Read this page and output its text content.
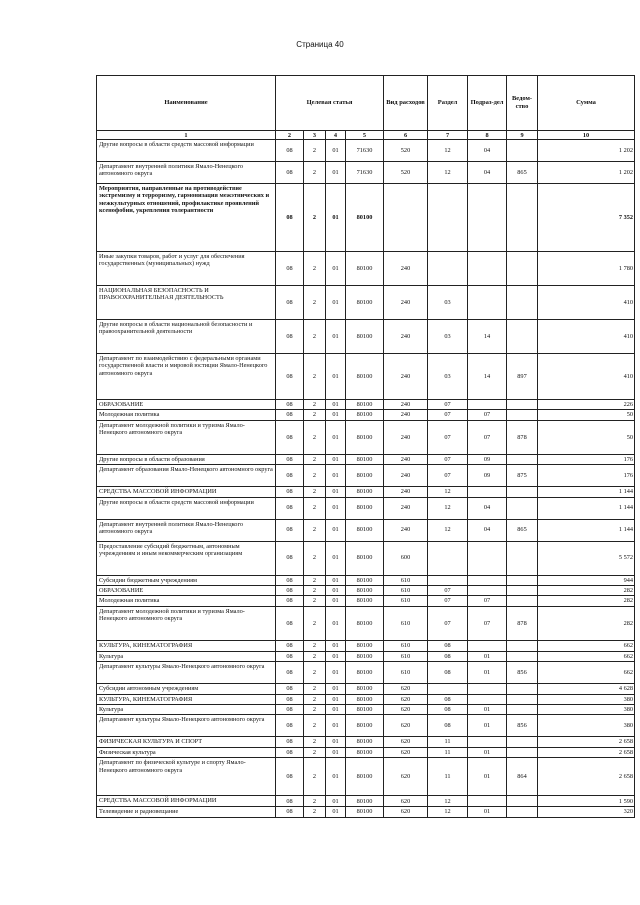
Страница 40
Наименование	Целевая статья				Вид расходов	Раздел	Подраз-дел	Ведом-ство	Сумма
1	2	3	4	5	6	7	8	9	10
Другие вопросы в области средств массовой информации	08	2	01	71630	520	12	04		1 202
Департамент внутренней политики Ямало-Ненецкого автономного округа	08	2	01	71630	520	12	04	865	1 202
Мероприятия, направленные на противодействие экстремизму и терроризму, гармонизация межэтнических и межкультурных отношений, профилактике проявлений ксенофобии, укрепления толерантности	08	2	01	80100					7 352
Иные закупки товаров, работ и услуг для обеспечения государственных (муниципальных) нужд	08	2	01	80100	240				1 780
НАЦИОНАЛЬНАЯ БЕЗОПАСНОСТЬ И ПРАВООХРАНИТЕЛЬНАЯ ДЕЯТЕЛЬНОСТЬ	08	2	01	80100	240	03			410
Другие вопросы в области национальной безопасности и правоохранительной деятельности	08	2	01	80100	240	03	14		410
Департамент по взаимодействию с федеральными органами государственной власти и мировой юстиции Ямало-Ненецкого автономного округа	08	2	01	80100	240	03	14	897	410
ОБРАЗОВАНИЕ	08	2	01	80100	240	07			226
Молодежная политика	08	2	01	80100	240	07	07		50
Департамент молодежной политики и туризма Ямало-Ненецкого автономного округа	08	2	01	80100	240	07	07	878	50
Другие вопросы в области образования	08	2	01	80100	240	07	09		176
Департамент образования Ямало-Ненецкого автономного округа	08	2	01	80100	240	07	09	875	176
СРЕДСТВА МАССОВОЙ ИНФОРМАЦИИ	08	2	01	80100	240	12			1 144
Другие вопросы в области средств массовой информации	08	2	01	80100	240	12	04		1 144
Департамент внутренней политики Ямало-Ненецкого автономного округа	08	2	01	80100	240	12	04	865	1 144
Предоставление субсидий бюджетным, автономным учреждениям и иным некоммерческим организациям	08	2	01	80100	600				5 572
Субсидии бюджетным учреждениям	08	2	01	80100	610				944
ОБРАЗОВАНИЕ	08	2	01	80100	610	07			282
Молодежная политика	08	2	01	80100	610	07	07		282
Департамент молодежной политики и туризма Ямало-Ненецкого автономного округа	08	2	01	80100	610	07	07	878	282
КУЛЬТУРА, КИНЕМАТОГРАФИЯ	08	2	01	80100	610	08			662
Культура	08	2	01	80100	610	08	01		662
Департамент культуры Ямало-Ненецкого автономного округа	08	2	01	80100	610	08	01	856	662
Субсидии автономным учреждениям	08	2	01	80100	620				4 628
КУЛЬТУРА, КИНЕМАТОГРАФИЯ	08	2	01	80100	620	08			380
Культура	08	2	01	80100	620	08	01		380
Департамент культуры Ямало-Ненецкого автономного округа	08	2	01	80100	620	08	01	856	380
ФИЗИЧЕСКАЯ КУЛЬТУРА И СПОРТ	08	2	01	80100	620	11			2 658
Физическая культура	08	2	01	80100	620	11	01		2 658
Департамент по физической культуре и спорту Ямало-Ненецкого автономного округа	08	2	01	80100	620	11	01	864	2 658
СРЕДСТВА МАССОВОЙ ИНФОРМАЦИИ	08	2	01	80100	620	12			1 590
Телевидение и радиовещание	08	2	01	80100	620	12	01		320
